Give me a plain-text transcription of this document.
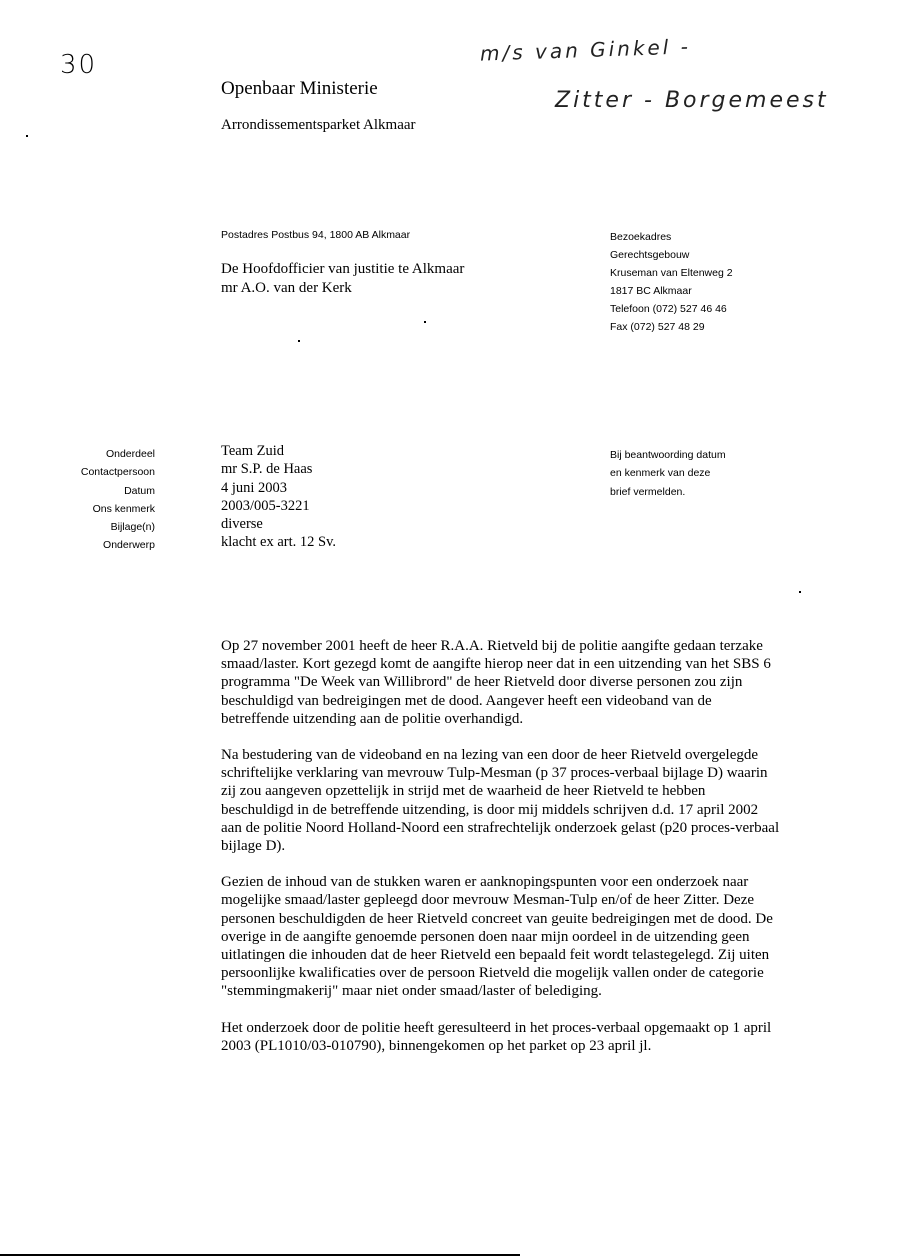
30
Openbaar Ministerie
Arrondissementsparket Alkmaar
m/s van Ginkel -
Zitter - Borgemeest
Postadres Postbus 94, 1800 AB Alkmaar
De Hoofdofficier van justitie te Alkmaar
mr A.O. van der Kerk
Bezoekadres
Gerechtsgebouw
Kruseman van Eltenweg 2
1817 BC Alkmaar
Telefoon (072) 527 46 46
Fax (072) 527 48 29
Onderdeel
Contactpersoon
Datum
Ons kenmerk
Bijlage(n)
Onderwerp
Team Zuid
mr S.P. de Haas
4 juni 2003
2003/005-3221
diverse
klacht ex art. 12 Sv.
Bij beantwoording datum
en kenmerk van deze
brief vermelden.

Op 27 november 2001 heeft de heer R.A.A. Rietveld bij de politie aangifte gedaan terzake smaad/laster. Kort gezegd komt de aangifte hierop neer dat in een uitzending van het SBS 6 programma "De Week van Willibrord" de heer Rietveld door diverse personen zou zijn beschuldigd van bedreigingen met de dood. Aangever heeft een videoband van de betreffende uitzending aan de politie overhandigd.

Na bestudering van de videoband en na lezing van een door de heer Rietveld overgelegde schriftelijke verklaring van mevrouw Tulp-Mesman (p 37 proces-verbaal bijlage D) waarin zij zou aangeven opzettelijk in strijd met de waarheid de heer Rietveld te hebben beschuldigd in de betreffende uitzending, is door mij middels schrijven d.d. 17 april 2002 aan de politie Noord Holland-Noord een strafrechtelijk onderzoek gelast (p20 proces-verbaal bijlage D).

Gezien de inhoud van de stukken waren er aanknopingspunten voor een onderzoek naar mogelijke smaad/laster gepleegd door mevrouw Mesman-Tulp en/of de heer Zitter. Deze personen beschuldigden de heer Rietveld concreet van geuite bedreigingen met de dood. De overige in de aangifte genoemde personen doen naar mijn oordeel in de uitzending geen uitlatingen die inhouden dat de heer Rietveld een bepaald feit wordt telastegelegd. Zij uiten persoonlijke kwalificaties over de persoon Rietveld die mogelijk vallen onder de categorie "stemmingmakerij" maar niet onder smaad/laster of belediging.

Het onderzoek door de politie heeft geresulteerd in het proces-verbaal opgemaakt op 1 april 2003 (PL1010/03-010790), binnengekomen op het parket op 23 april jl.
